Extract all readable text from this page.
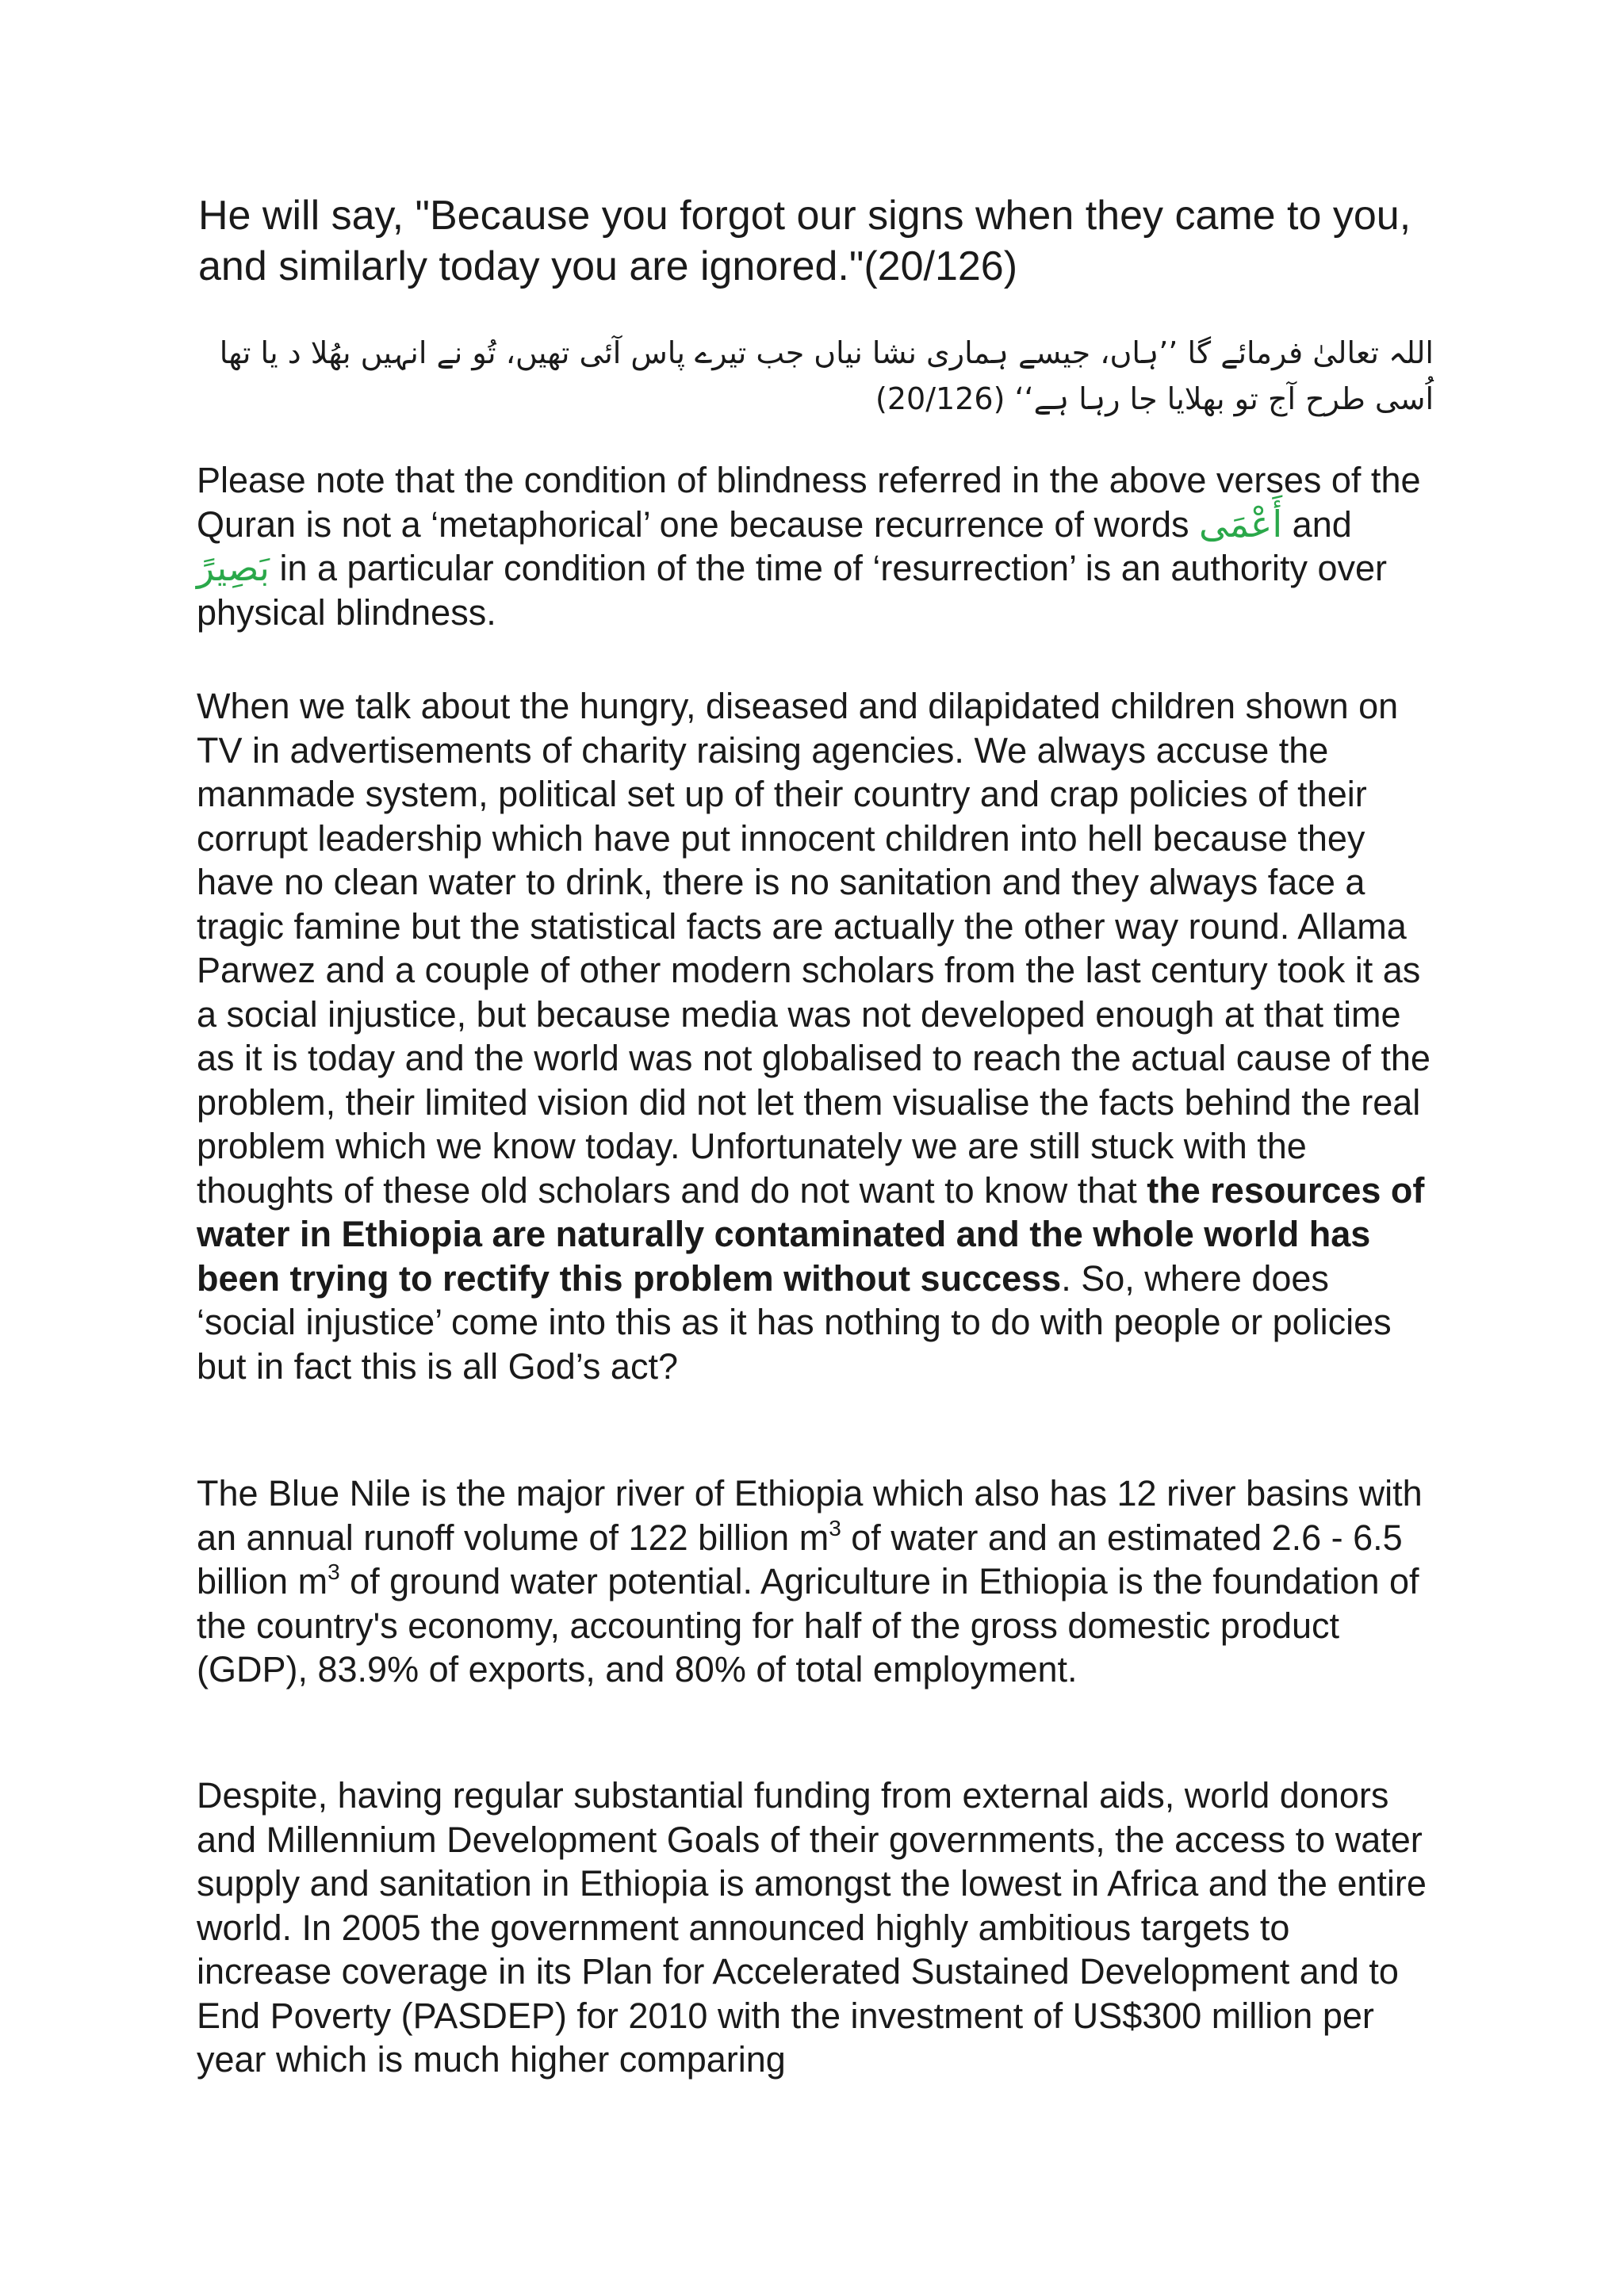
He will say, "Because you forgot our signs when they came to you, and similarly today you are ignored."(20/126)

اللہ تعالیٰ فرمائے گا ’’ہاں، جیسے ہماری نشا نیاں جب تیرے پاس آئی تھیں، تُو نے انہیں بھُلا د یا تھا
اُسی طرح آج تو بھلایا جا رہا ہے‘‘ (20/126)

Please note that the condition of blindness referred in the above verses of the Quran is not a ‘metaphorical’ one because recurrence of words أَعْمَى and بَصِيرً in a particular condition of the time of ‘resurrection’ is an authority over physical blindness.

When we talk about the hungry, diseased and dilapidated children shown on TV in advertisements of charity raising agencies. We always accuse the manmade system, political set up of their country and crap policies of their corrupt leadership which have put innocent children into hell because they have no clean water to drink, there is no sanitation and they always face a tragic famine but the statistical facts are actually the other way round. Allama Parwez and a couple of other modern scholars from the last century took it as a social injustice, but because media was not developed enough at that time as it is today and the world was not globalised to reach the actual cause of the problem, their limited vision did not let them visualise the facts behind the real problem which we know today. Unfortunately we are still stuck with the thoughts of these old scholars and do not want to know that the resources of water in Ethiopia are naturally contaminated and the whole world has been trying to rectify this problem without success. So, where does ‘social injustice’ come into this as it has nothing to do with people or policies but in fact this is all God’s act?

The Blue Nile is the major river of Ethiopia which also has 12 river basins with an annual runoff volume of 122 billion $m^3$ of water and an estimated 2.6 - 6.5 billion $m^3$ of ground water potential. Agriculture in Ethiopia is the foundation of the country's economy, accounting for half of the gross domestic product (GDP), 83.9% of exports, and 80% of total employment.

Despite, having regular substantial funding from external aids, world donors and Millennium Development Goals of their governments, the access to water supply and sanitation in Ethiopia is amongst the lowest in Africa and the entire world. In 2005 the government announced highly ambitious targets to increase coverage in its Plan for Accelerated Sustained Development and to End Poverty (PASDEP) for 2010 with the investment of US$300 million per year which is much higher comparing
